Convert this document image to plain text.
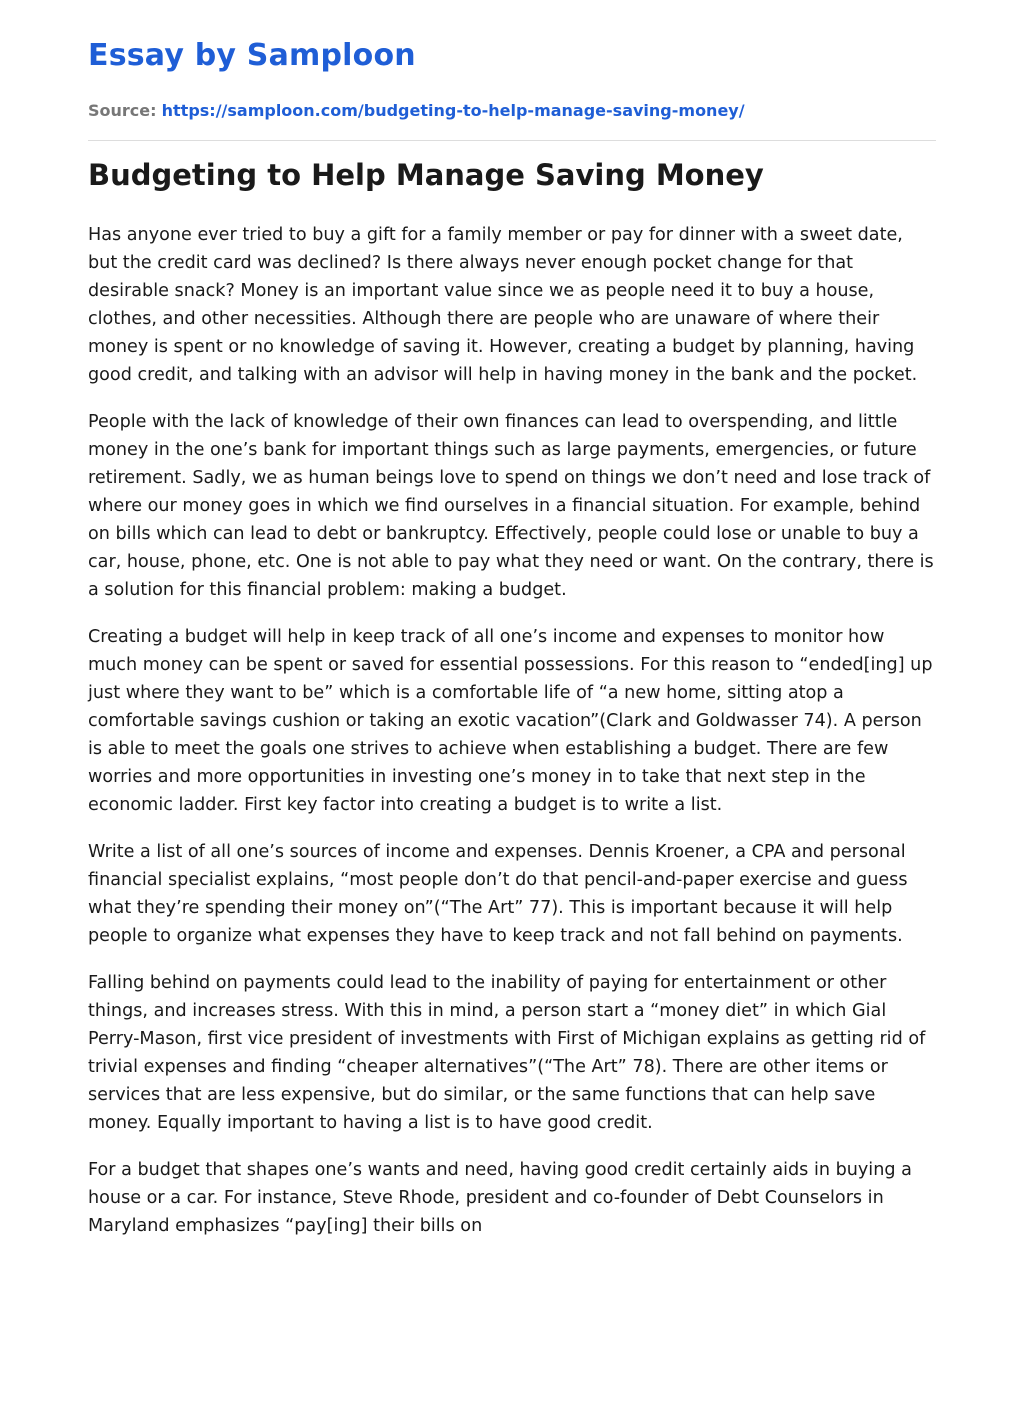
Essay by Samploon
Source: https://samploon.com/budgeting-to-help-manage-saving-money/
Budgeting to Help Manage Saving Money

Has anyone ever tried to buy a gift for a family member or pay for dinner with a sweet date, but the credit card was declined? Is there always never enough pocket change for that desirable snack? Money is an important value since we as people need it to buy a house, clothes, and other necessities. Although there are people who are unaware of where their money is spent or no knowledge of saving it. However, creating a budget by planning, having good credit, and talking with an advisor will help in having money in the bank and the pocket.

People with the lack of knowledge of their own finances can lead to overspending, and little money in the one’s bank for important things such as large payments, emergencies, or future retirement. Sadly, we as human beings love to spend on things we don’t need and lose track of where our money goes in which we find ourselves in a financial situation. For example, behind on bills which can lead to debt or bankruptcy. Effectively, people could lose or unable to buy a car, house, phone, etc. One is not able to pay what they need or want. On the contrary, there is a solution for this financial problem: making a budget.

Creating a budget will help in keep track of all one’s income and expenses to monitor how much money can be spent or saved for essential possessions. For this reason to “ended[ing] up just where they want to be” which is a comfortable life of “a new home, sitting atop a comfortable savings cushion or taking an exotic vacation”(Clark and Goldwasser 74). A person is able to meet the goals one strives to achieve when establishing a budget. There are few worries and more opportunities in investing one’s money in to take that next step in the economic ladder. First key factor into creating a budget is to write a list.

Write a list of all one’s sources of income and expenses. Dennis Kroener, a CPA and personal financial specialist explains, “most people don’t do that pencil-and-paper exercise and guess what they’re spending their money on”(“The Art” 77). This is important because it will help people to organize what expenses they have to keep track and not fall behind on payments.

Falling behind on payments could lead to the inability of paying for entertainment or other things, and increases stress. With this in mind, a person start a “money diet” in which Gial Perry-Mason, first vice president of investments with First of Michigan explains as getting rid of trivial expenses and finding “cheaper alternatives”(“The Art” 78). There are other items or services that are less expensive, but do similar, or the same functions that can help save money. Equally important to having a list is to have good credit.

For a budget that shapes one’s wants and need, having good credit certainly aids in buying a house or a car. For instance, Steve Rhode, president and co-founder of Debt Counselors in Maryland emphasizes “pay[ing] their bills on
